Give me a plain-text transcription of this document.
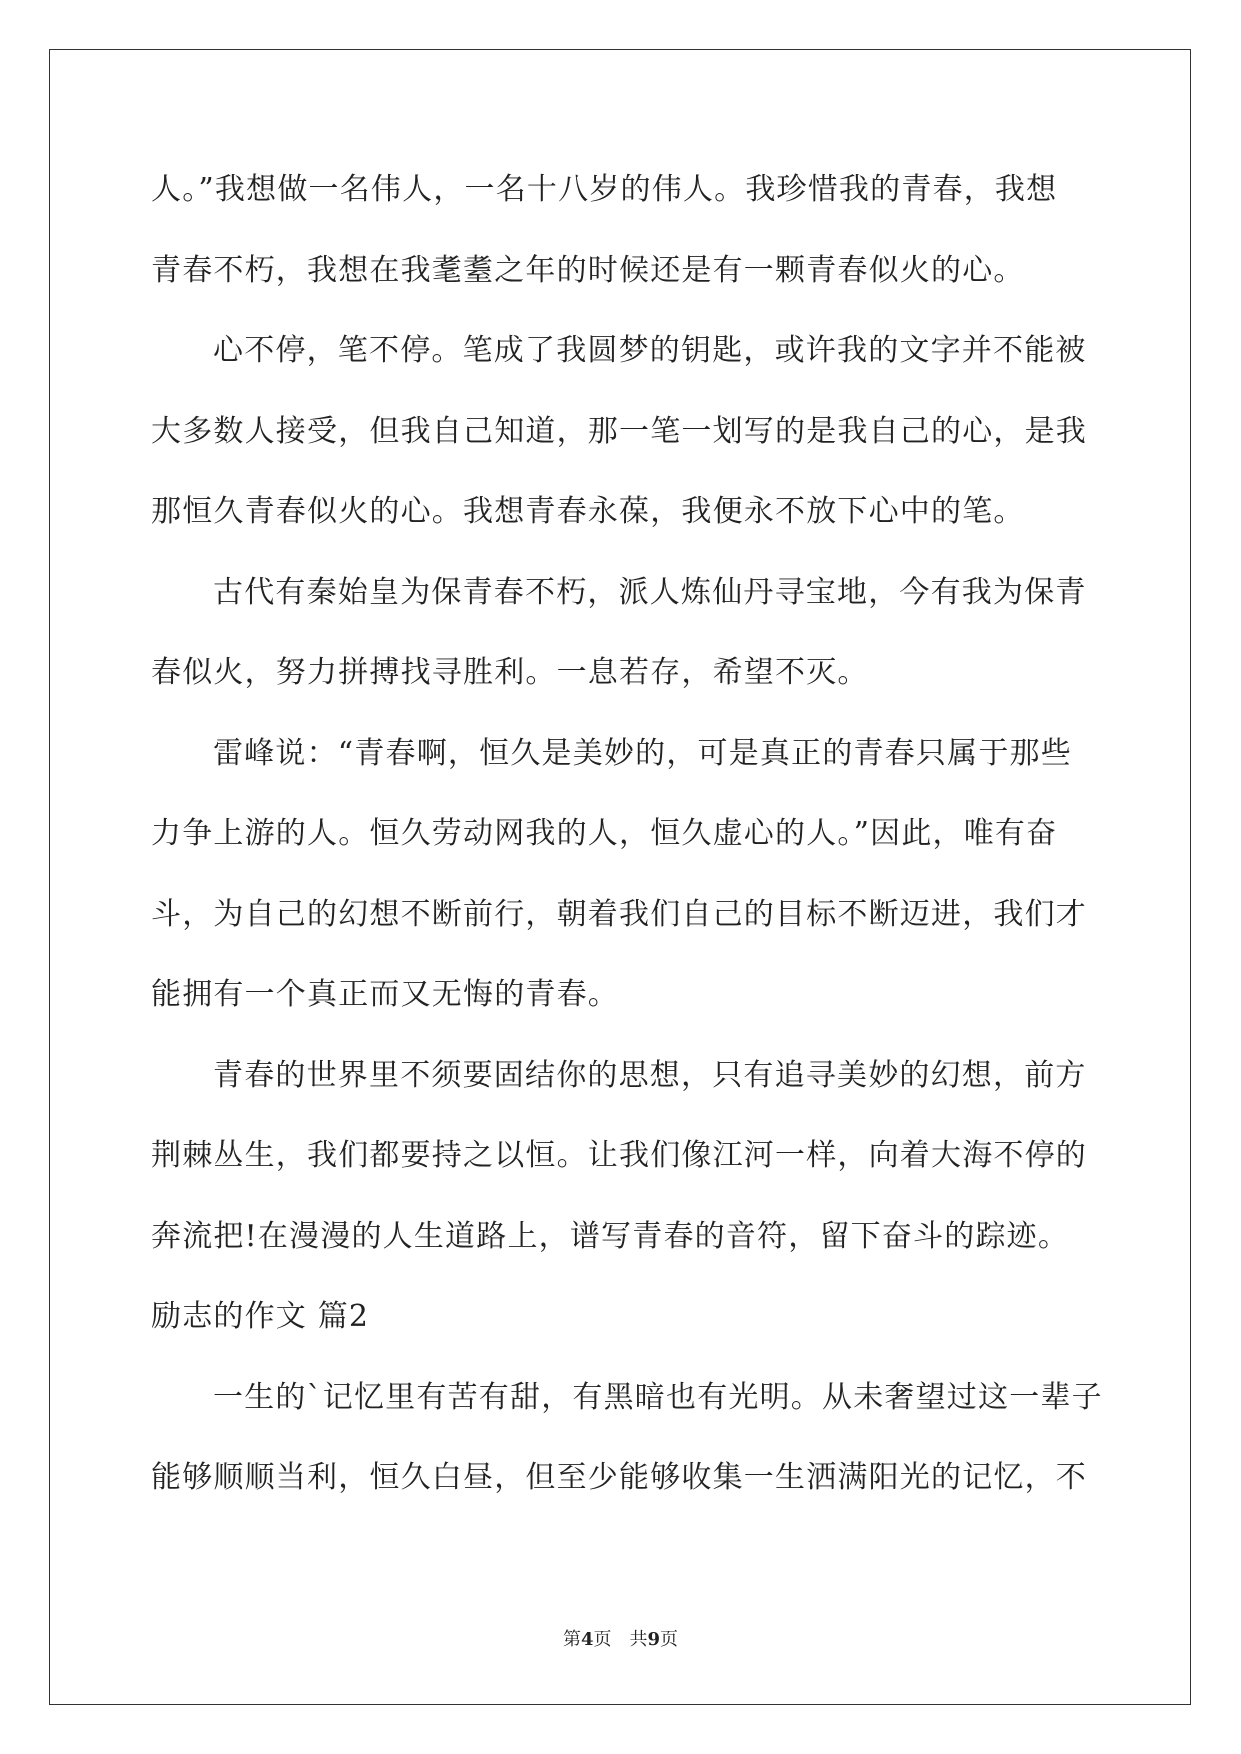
人。”我想做一名伟人，一名十八岁的伟人。我珍惜我的青春，我想
青春不朽，我想在我耄耋之年的时候还是有一颗青春似火的心。
心不停，笔不停。笔成了我圆梦的钥匙，或许我的文字并不能被
大多数人接受，但我自己知道，那一笔一划写的是我自己的心，是我
那恒久青春似火的心。我想青春永葆，我便永不放下心中的笔。
古代有秦始皇为保青春不朽，派人炼仙丹寻宝地，今有我为保青
春似火，努力拼搏找寻胜利。一息若存，希望不灭。
雷峰说：“青春啊，恒久是美妙的，可是真正的青春只属于那些
力争上游的人。恒久劳动网我的人，恒久虚心的人。”因此，唯有奋
斗，为自己的幻想不断前行，朝着我们自己的目标不断迈进，我们才
能拥有一个真正而又无悔的青春。
青春的世界里不须要固结你的思想，只有追寻美妙的幻想，前方
荆棘丛生，我们都要持之以恒。让我们像江河一样，向着大海不停的
奔流把!在漫漫的人生道路上，谱写青春的音符，留下奋斗的踪迹。
励志的作文 篇2
一生的`记忆里有苦有甜，有黑暗也有光明。从未奢望过这一辈子
能够顺顺当利，恒久白昼，但至少能够收集一生洒满阳光的记忆，不
第4页 共9页
